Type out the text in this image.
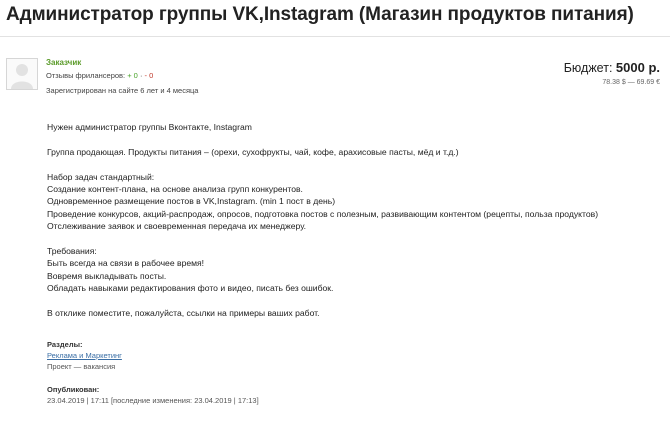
Администратор группы VK,Instagram (Магазин продуктов питания)
Заказчик
Отзывы фрилансеров: + 0 · - 0
Зарегистрирован на сайте 6 лет и 4 месяца
Бюджет: 5000 р.
78.38 $ — 69.69 €

Нужен администратор группы Вконтакте, Instagram

Группа продающая. Продукты питания – (орехи, сухофрукты, чай, кофе, арахисовые пасты, мёд и т.д.)

Набор задач стандартный:

Создание контент-плана, на основе анализа групп конкурентов.

Одновременное размещение постов в VK,Instagram. (min 1 пост в день)

Проведение конкурсов, акций-распродаж, опросов, подготовка постов с полезным, развивающим контентом (рецепты, польза продуктов)

Отслеживание заявок и своевременная передача их менеджеру.

Требования:

Быть всегда на связи в рабочее время!

Вовремя выкладывать посты.

Обладать навыками редактирования фото и видео, писать без ошибок.

В отклике поместите, пожалуйста, ссылки на примеры ваших работ.

Разделы:
Реклама и Маркетинг
Проект — вакансия
Опубликован:
23.04.2019 | 17:11 [последние изменения: 23.04.2019 | 17:13]
